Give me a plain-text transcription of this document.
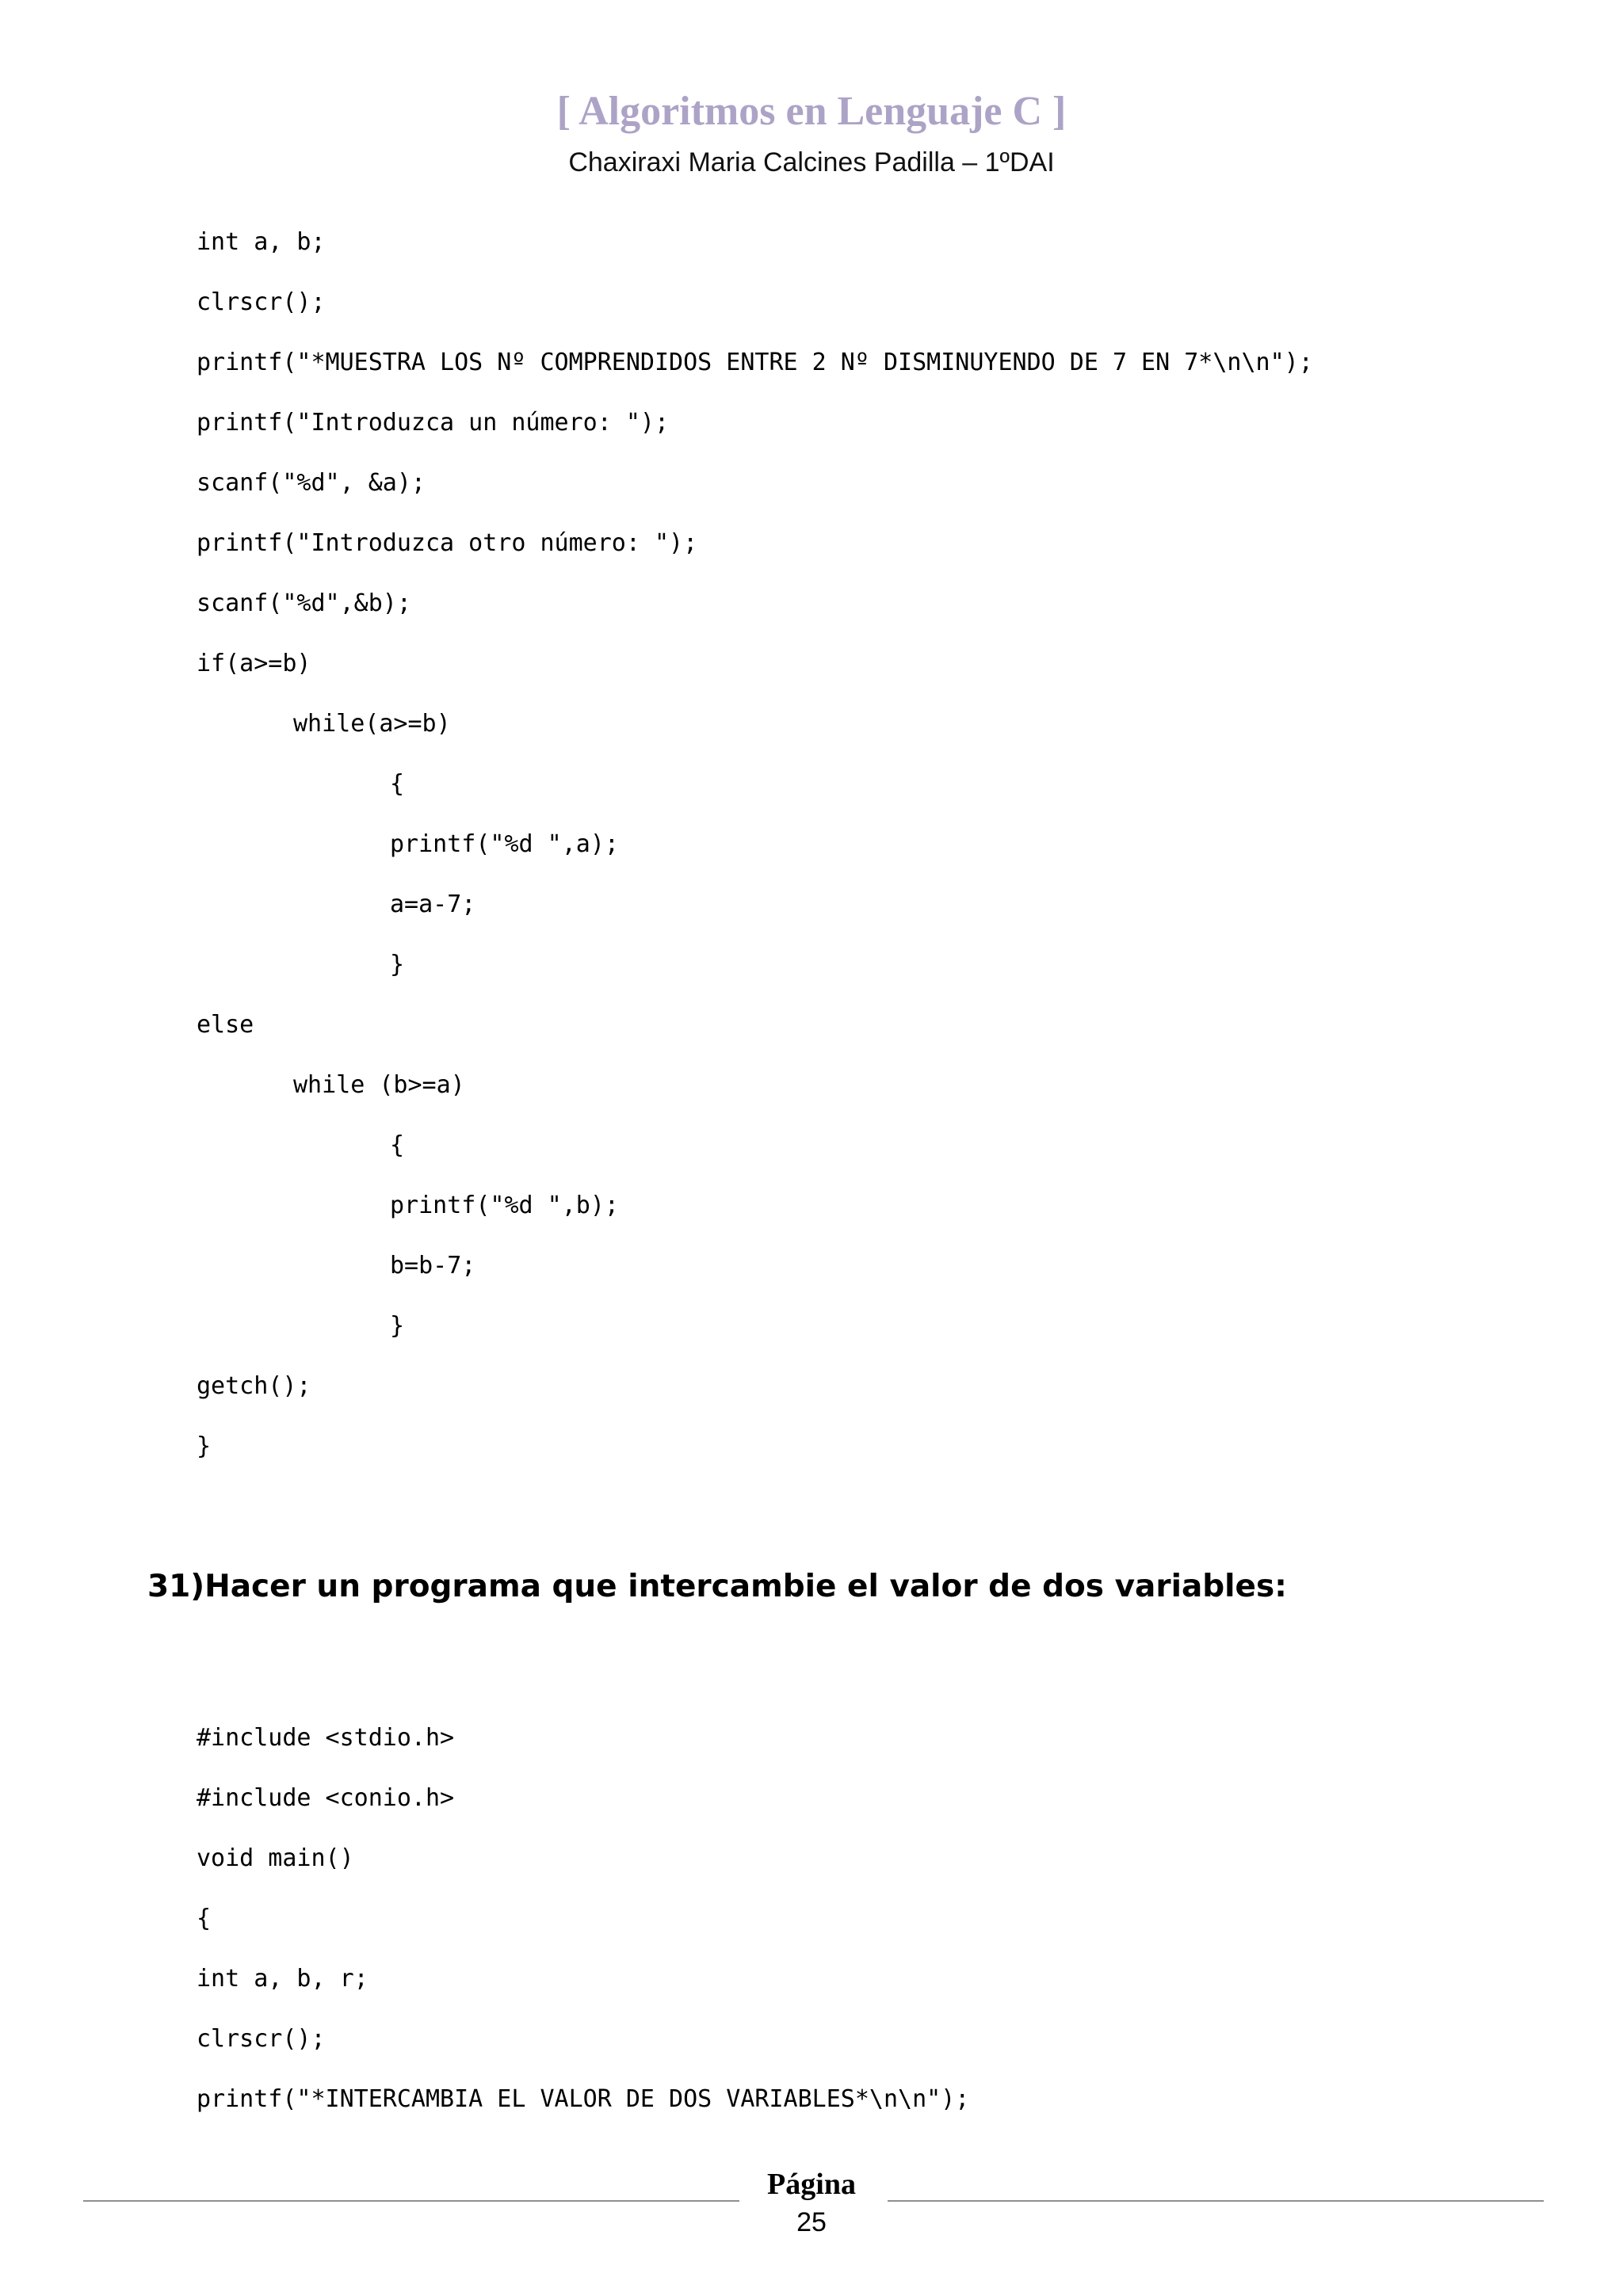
[ Algoritmos en Lenguaje C ]
Chaxiraxi Maria Calcines Padilla – 1ºDAI
int a, b;
clrscr();
printf("*MUESTRA LOS Nº COMPRENDIDOS ENTRE 2 Nº DISMINUYENDO DE 7 EN 7*\n\n");
printf("Introduzca un número: ");
scanf("%d", &a);
printf("Introduzca otro número: ");
scanf("%d",&b);
if(a>=b)
while(a>=b)
{
printf("%d ",a);
a=a-7;
}
else
while (b>=a)
{
printf("%d ",b);
b=b-7;
}
getch();
}
31)Hacer un programa que intercambie el valor de dos variables:
#include <stdio.h>
#include <conio.h>
void main()
{
int a, b, r;
clrscr();
printf("*INTERCAMBIA EL VALOR DE DOS VARIABLES*\n\n");
Página
25
